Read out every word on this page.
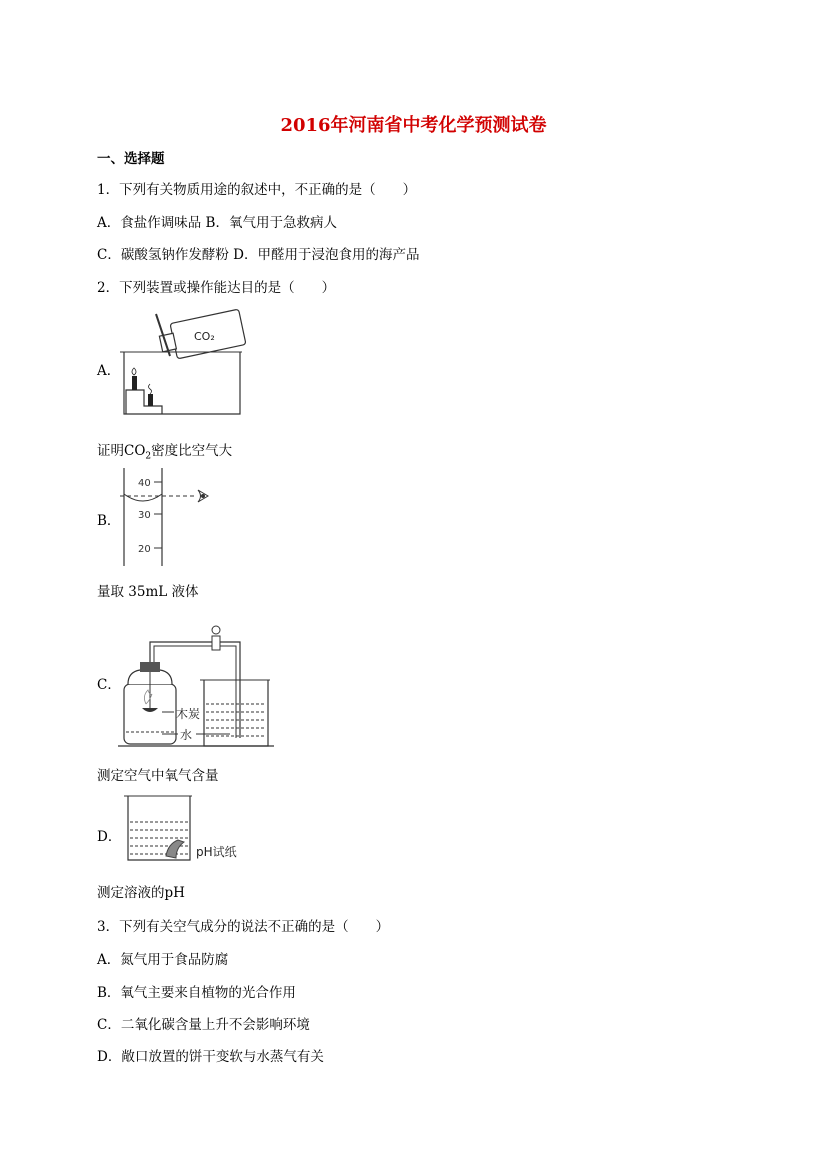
2016年河南省中考化学预测试卷
一、选择题
1．下列有关物质用途的叙述中，不正确的是（　　）
A．食盐作调味品 B．氧气用于急救病人
C．碳酸氢钠作发酵粉 D．甲醛用于浸泡食用的海产品
2．下列装置或操作能达目的是（　　）
A．
CO₂
证明$CO_2$密度比空气大
B．
40
30
20
量取 35mL 液体
C．
木炭
水
测定空气中氧气含量
D．
pH试纸
测定溶液的pH
3．下列有关空气成分的说法不正确的是（　　）
A．氮气用于食品防腐
B．氧气主要来自植物的光合作用
C．二氧化碳含量上升不会影响环境
D．敞口放置的饼干变软与水蒸气有关
